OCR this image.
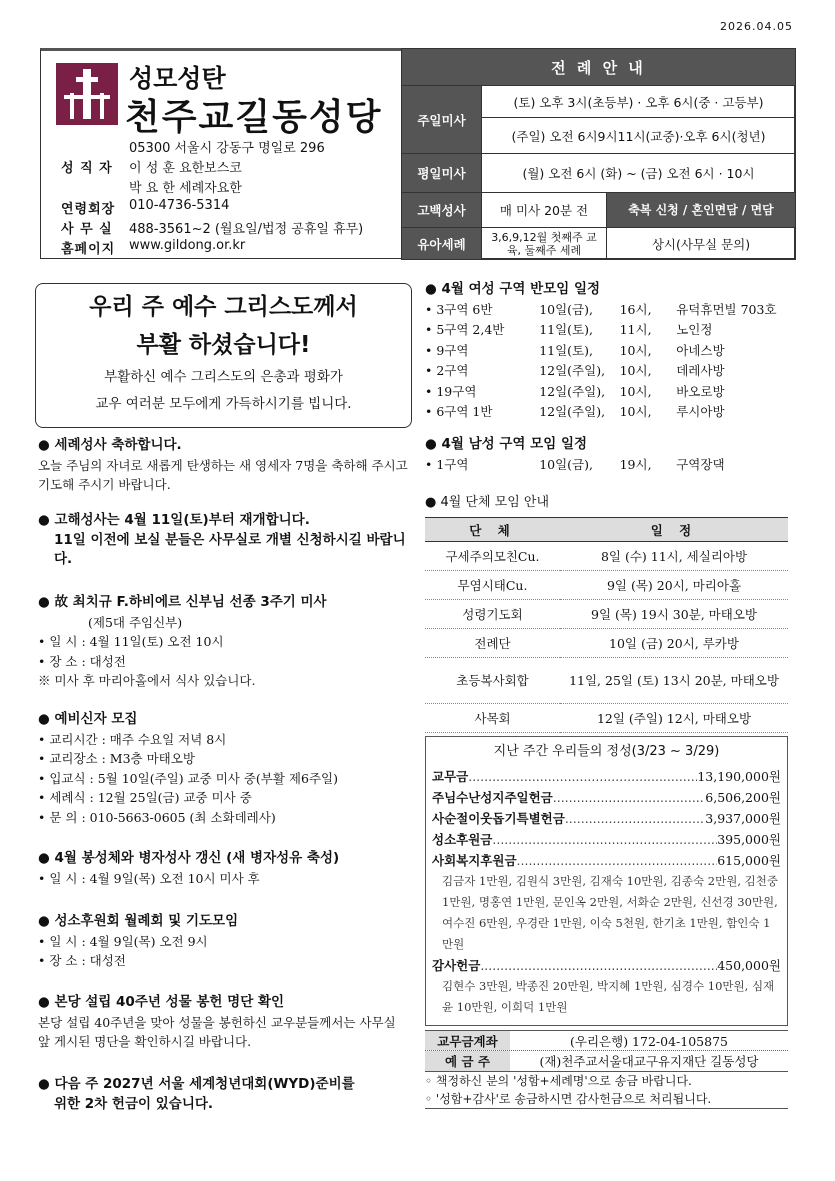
2026.04.05
성모성탄
천주교길동성당
05300 서울시 강동구 명일로 296
성 직 자	이 성 훈 요한보스코
박 요 한 세례자요한
연령회장	010-4736-5314
사 무 실	488-3561~2 (월요일/법정 공휴일 휴무)
홈페이지	www.gildong.or.kr
전 례 안 내		
주일미사	(토) 오후 3시(초등부) · 오후 6시(중 · 고등부)	
	(주일) 오전 6시9시11시(교중)·오후 6시(청년)	
평일미사	(월) 오전 6시 (화) ~ (금) 오전 6시 · 10시	
고백성사	매 미사 20분 전	축복 신청 / 혼인면담 / 면담
유아세례	3,6,9,12월 첫째주 교육, 둘째주 세례	상시(사무실 문의)
우리 주 예수 그리스도께서
부활 하셨습니다!
부활하신 예수 그리스도의 은총과 평화가
교우 여러분 모두에게 가득하시기를 빕니다.
● 세례성사 축하합니다.

오늘 주님의 자녀로 새롭게 탄생하는 새 영세자 7명을 축하해 주시고 기도해 주시기 바랍니다.

● 고해성사는 4월 11일(토)부터 재개합니다.
11일 이전에 보실 분들은 사무실로 개별 신청하시길 바랍니다.
● 故 최치규 F.하비에르 신부님 선종 3주기 미사
(제5대 주임신부)
• 일 시 : 4월 11일(토) 오전 10시
• 장 소 : 대성전
※ 미사 후 마리아홀에서 식사 있습니다.
● 예비신자 모집
• 교리시간 : 매주 수요일 저녁 8시
• 교리장소 : M3층 마태오방
• 입교식 : 5월 10일(주일) 교중 미사 중(부활 제6주일)
• 세례식 : 12월 25일(금) 교중 미사 중
• 문 의 : 010-5663-0605 (최 소화데레사)
● 4월 봉성체와 병자성사 갱신 (새 병자성유 축성)
• 일 시 : 4월 9일(목) 오전 10시 미사 후
● 성소후원회 월례회 및 기도모임
• 일 시 : 4월 9일(목) 오전 9시
• 장 소 : 대성전
● 본당 설립 40주년 성물 봉헌 명단 확인

본당 설립 40주년을 맞아 성물을 봉헌하신 교우분들께서는 사무실 앞 게시된 명단을 확인하시길 바랍니다.

● 다음 주 2027년 서울 세계청년대회(WYD)준비를
위한 2차 헌금이 있습니다.
● 4월 여성 구역 반모임 일정
• 3구역 6반	10일(금),	16시,	유덕휴먼빌 703호
• 5구역 2,4반	11일(토),	11시,	노인정
• 9구역	11일(토),	10시,	아네스방
• 2구역	12일(주일),	10시,	데레사방
• 19구역	12일(주일),	10시,	바오로방
• 6구역 1반	12일(주일),	10시,	루시아방
● 4월 남성 구역 모임 일정
• 1구역	10일(금),	19시,	구역장댁
● 4월 단체 모임 안내
단 체	일 정
구세주의모친Cu.	8일 (수) 11시, 세실리아방
무염시태Cu.	9일 (목) 20시, 마리아홀
성령기도회	9일 (목) 19시 30분, 마태오방
전례단	10일 (금) 20시, 루카방
초등복사회합	11일, 25일 (토) 13시 20분, 마태오방
사목회	12일 (주일) 12시, 마태오방
지난 주간 우리들의 정성(3/23 ~ 3/29)
교무금 .....	13,190,000원
주님수난성지주일헌금 .....	6,506,200원
사순절이웃돕기특별헌금 .....	3,937,000원
성소후원금 .....	395,000원
사회복지후원금 .....	615,000원
김금자 1만원, 김원식 3만원, 김재숙 10만원, 김종숙 2만원, 김천중 1만원, 명홍연 1만원, 문인옥 2만원, 서화순 2만원, 신선경 30만원, 여수진 6만원, 우경란 1만원, 이숙 5천원, 한기초 1만원, 함인숙 1만원
감사헌금 .....	450,000원
김현수 3만원, 박종진 20만원, 박지혜 1만원, 심경수 10만원, 심재윤 10만원, 이희덕 1만원
교무금계좌	(우리은행) 172-04-105875
예 금 주	(재)천주교서울대교구유지재단 길동성당
◦ 책정하신 분의 '성함+세례명'으로 송금 바랍니다.
◦ '성함+감사'로 송금하시면 감사헌금으로 처리됩니다.
